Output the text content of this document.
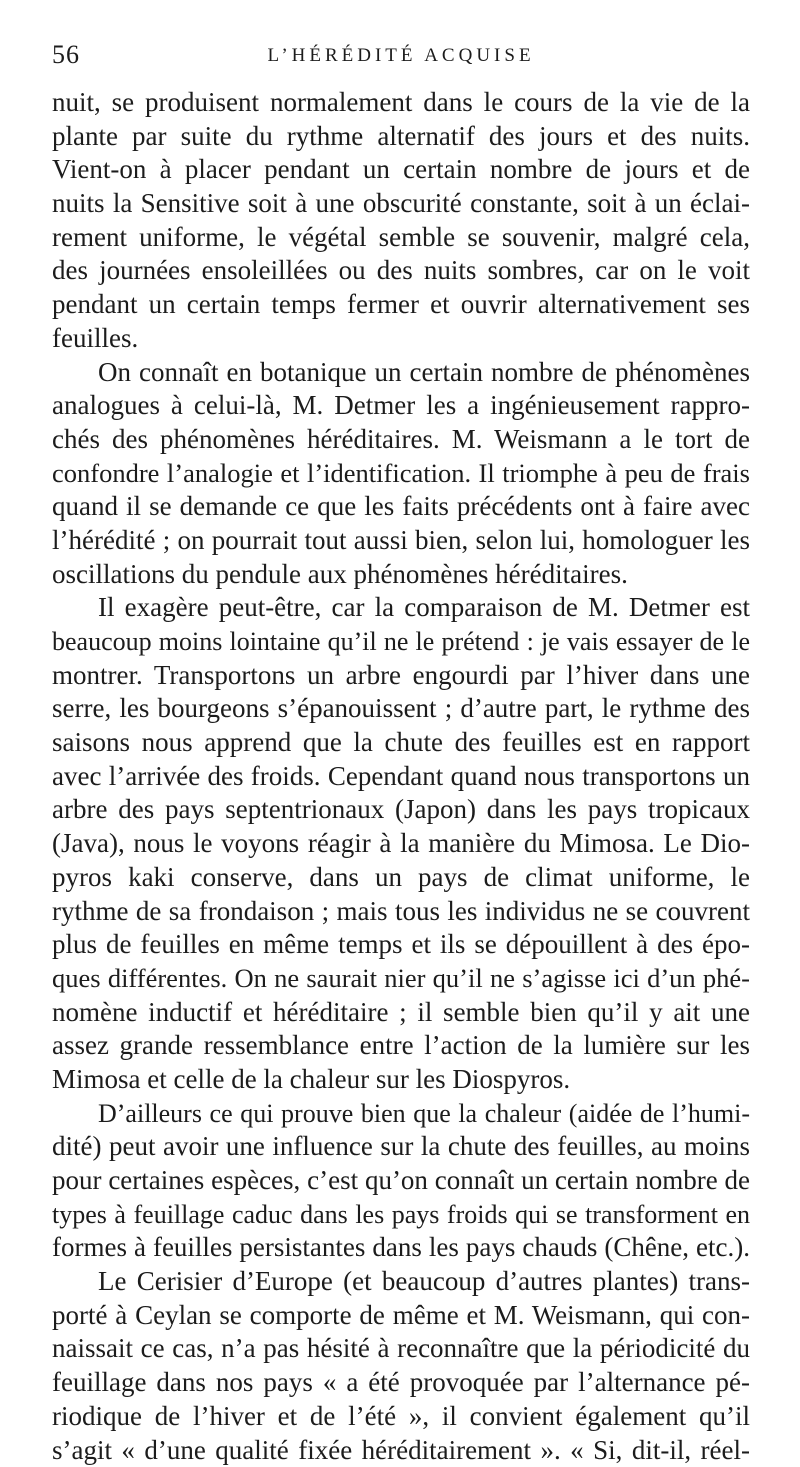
56	L’HÉRÉDITÉ ACQUISE
nuit, se produisent normalement dans le cours de la vie de la
plante par suite du rythme alternatif des jours et des nuits.
Vient-on à placer pendant un certain nombre de jours et de
nuits la Sensitive soit à une obscurité constante, soit à un éclai-
rement uniforme, le végétal semble se souvenir, malgré cela,
des journées ensoleillées ou des nuits sombres, car on le voit
pendant un certain temps fermer et ouvrir alternativement ses
feuilles.
On connaît en botanique un certain nombre de phénomènes
analogues à celui-là, M. Detmer les a ingénieusement rappro-
chés des phénomènes héréditaires. M. Weismann a le tort de
confondre l’analogie et l’identification. Il triomphe à peu de frais
quand il se demande ce que les faits précédents ont à faire avec
l’hérédité ; on pourrait tout aussi bien, selon lui, homologuer les
oscillations du pendule aux phénomènes héréditaires.
Il exagère peut-être, car la comparaison de M. Detmer est
beaucoup moins lointaine qu’il ne le prétend : je vais essayer de le
montrer. Transportons un arbre engourdi par l’hiver dans une
serre, les bourgeons s’épanouissent ; d’autre part, le rythme des
saisons nous apprend que la chute des feuilles est en rapport
avec l’arrivée des froids. Cependant quand nous transportons un
arbre des pays septentrionaux (Japon) dans les pays tropicaux
(Java), nous le voyons réagir à la manière du Mimosa. Le Dio-
pyros kaki conserve, dans un pays de climat uniforme, le
rythme de sa frondaison ; mais tous les individus ne se couvrent
plus de feuilles en même temps et ils se dépouillent à des épo-
ques différentes. On ne saurait nier qu’il ne s’agisse ici d’un phé-
nomène inductif et héréditaire ; il semble bien qu’il y ait une
assez grande ressemblance entre l’action de la lumière sur les
Mimosa et celle de la chaleur sur les Diospyros.
D’ailleurs ce qui prouve bien que la chaleur (aidée de l’humi-
dité) peut avoir une influence sur la chute des feuilles, au moins
pour certaines espèces, c’est qu’on connaît un certain nombre de
types à feuillage caduc dans les pays froids qui se transforment en
formes à feuilles persistantes dans les pays chauds (Chêne, etc.).
Le Cerisier d’Europe (et beaucoup d’autres plantes) trans-
porté à Ceylan se comporte de même et M. Weismann, qui con-
naissait ce cas, n’a pas hésité à reconnaître que la périodicité du
feuillage dans nos pays « a été provoquée par l’alternance pé-
riodique de l’hiver et de l’été », il convient également qu’il
s’agit « d’une qualité fixée héréditairement ». « Si, dit-il, réel-
